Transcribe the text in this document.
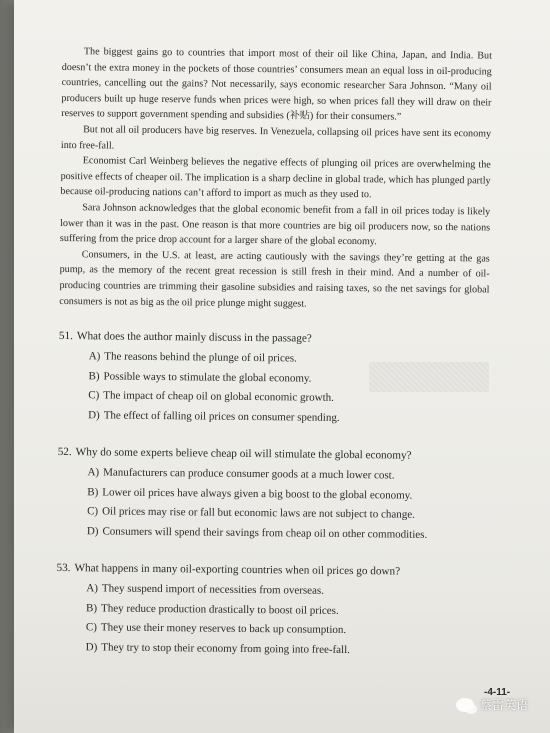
The biggest gains go to countries that import most of their oil like China, Japan, and India. But doesn’t the extra money in the pockets of those countries’ consumers mean an equal loss in oil-producing countries, cancelling out the gains? Not necessarily, says economic researcher Sara Johnson. “Many oil producers built up huge reserve funds when prices were high, so when prices fall they will draw on their reserves to support government spending and subsidies (补贴) for their consumers.”

But not all oil producers have big reserves. In Venezuela, collapsing oil prices have sent its economy into free-fall.

Economist Carl Weinberg believes the negative effects of plunging oil prices are overwhelming the positive effects of cheaper oil. The implication is a sharp decline in global trade, which has plunged partly because oil-producing nations can’t afford to import as much as they used to.

Sara Johnson acknowledges that the global economic benefit from a fall in oil prices today is likely lower than it was in the past. One reason is that more countries are big oil producers now, so the nations suffering from the price drop account for a larger share of the global economy.

Consumers, in the U.S. at least, are acting cautiously with the savings they’re getting at the gas pump, as the memory of the recent great recession is still fresh in their mind. And a number of oil-producing countries are trimming their gasoline subsidies and raising taxes, so the net savings for global consumers is not as big as the oil price plunge might suggest.

51. What does the author mainly discuss in the passage?

A) The reasons behind the plunge of oil prices.
B) Possible ways to stimulate the global economy.
C) The impact of cheap oil on global economic growth.
D) The effect of falling oil prices on consumer spending.

52. Why do some experts believe cheap oil will stimulate the global economy?

A) Manufacturers can produce consumer goods at a much lower cost.
B) Lower oil prices have always given a big boost to the global economy.
C) Oil prices may rise or fall but economic laws are not subject to change.
D) Consumers will spend their savings from cheap oil on other commodities.

53. What happens in many oil-exporting countries when oil prices go down?

A) They suspend import of necessities from overseas.
B) They reduce production drastically to boost oil prices.
C) They use their money reserves to back up consumption.
D) They try to stop their economy from going into free-fall.
-4-11-
蔡雷英语
